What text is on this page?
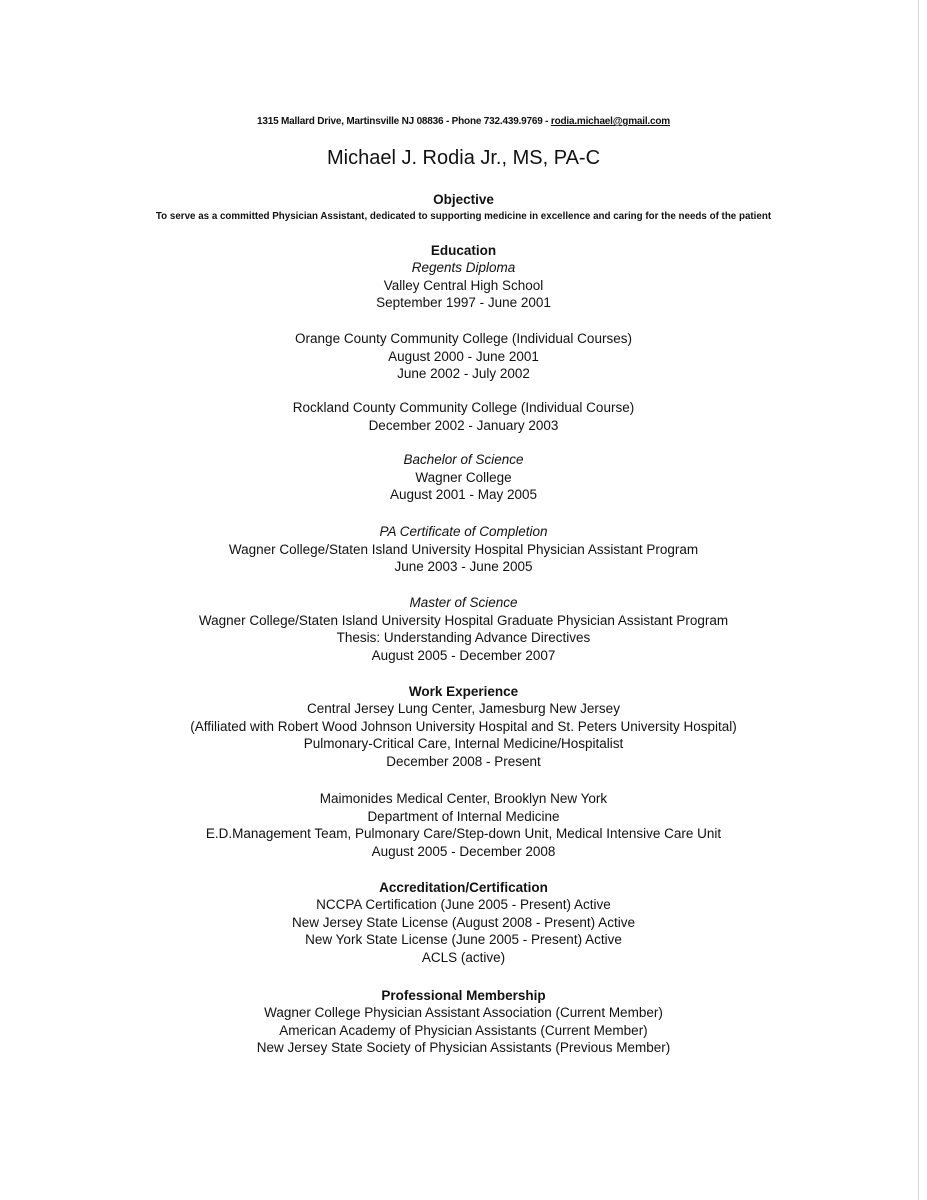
1315 Mallard Drive, Martinsville NJ 08836 - Phone 732.439.9769 - rodia.michael@gmail.com
Michael J. Rodia Jr., MS, PA-C
Objective
To serve as a committed Physician Assistant, dedicated to supporting medicine in excellence and caring for the needs of the patient
Education
Regents Diploma
Valley Central High School
September 1997 - June 2001
Orange County Community College (Individual Courses)
August 2000 - June 2001
June 2002 - July 2002
Rockland County Community College (Individual Course)
December 2002 - January 2003
Bachelor of Science
Wagner College
August 2001 - May 2005
PA Certificate of Completion
Wagner College/Staten Island University Hospital Physician Assistant Program
June 2003 - June 2005
Master of Science
Wagner College/Staten Island University Hospital Graduate Physician Assistant Program
Thesis: Understanding Advance Directives
August 2005 - December 2007
Work Experience
Central Jersey Lung Center, Jamesburg New Jersey
(Affiliated with Robert Wood Johnson University Hospital and St. Peters University Hospital)
Pulmonary-Critical Care, Internal Medicine/Hospitalist
December 2008 - Present
Maimonides Medical Center, Brooklyn New York
Department of Internal Medicine
E.D.Management Team, Pulmonary Care/Step-down Unit, Medical Intensive Care Unit
August 2005 - December 2008
Accreditation/Certification
NCCPA Certification (June 2005 - Present) Active
New Jersey State License (August 2008 - Present) Active
New York State License (June 2005 - Present) Active
ACLS (active)
Professional Membership
Wagner College Physician Assistant Association (Current Member)
American Academy of Physician Assistants (Current Member)
New Jersey State Society of Physician Assistants (Previous Member)
